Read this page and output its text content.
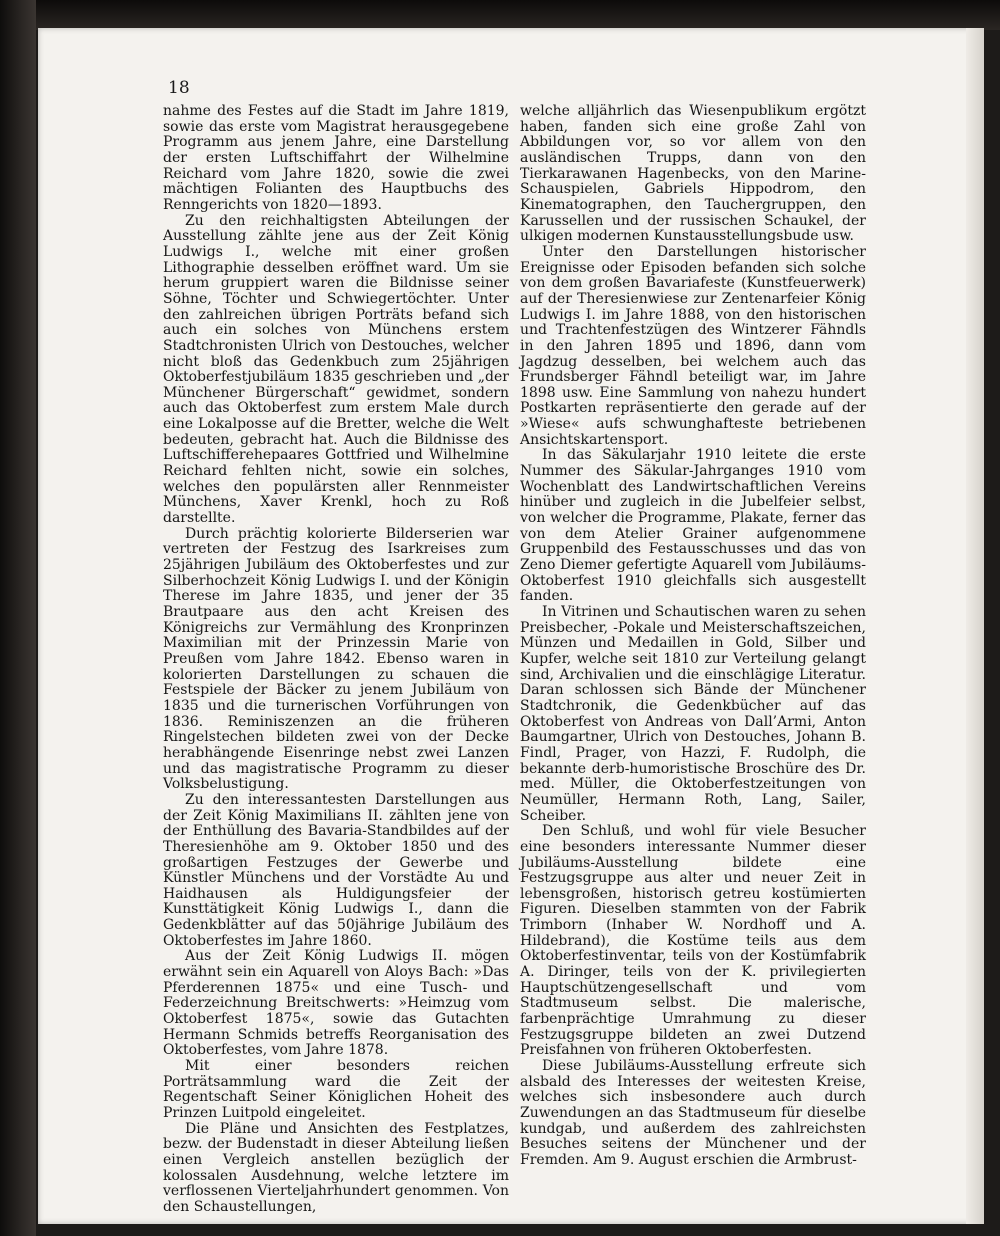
18

nahme des Festes auf die Stadt im Jahre 1819, sowie das erste vom Magistrat herausgegebene Programm aus jenem Jahre, eine Darstellung der ersten Luftschiffahrt der Wilhelmine Reichard vom Jahre 1820, sowie die zwei mächtigen Folianten des Hauptbuchs des Renngerichts von 1820—1893.

Zu den reichhaltigsten Abteilungen der Ausstellung zählte jene aus der Zeit König Ludwigs I., welche mit einer großen Lithographie desselben eröffnet ward. Um sie herum gruppiert waren die Bildnisse seiner Söhne, Töchter und Schwiegertöchter. Unter den zahlreichen übrigen Porträts befand sich auch ein solches von Münchens erstem Stadtchronisten Ulrich von Destouches, welcher nicht bloß das Gedenkbuch zum 25jährigen Oktoberfestjubiläum 1835 geschrieben und „der Münchener Bürgerschaft“ gewidmet, sondern auch das Oktoberfest zum erstem Male durch eine Lokalposse auf die Bretter, welche die Welt bedeuten, gebracht hat. Auch die Bildnisse des Luftschifferehepaares Gottfried und Wilhelmine Reichard fehlten nicht, sowie ein solches, welches den populärsten aller Rennmeister Münchens, Xaver Krenkl, hoch zu Roß darstellte.

Durch prächtig kolorierte Bilderserien war vertreten der Festzug des Isarkreises zum 25jährigen Jubiläum des Oktoberfestes und zur Silberhochzeit König Ludwigs I. und der Königin Therese im Jahre 1835, und jener der 35 Brautpaare aus den acht Kreisen des Königreichs zur Vermählung des Kronprinzen Maximilian mit der Prinzessin Marie von Preußen vom Jahre 1842. Ebenso waren in kolorierten Darstellungen zu schauen die Festspiele der Bäcker zu jenem Jubiläum von 1835 und die turnerischen Vorführungen von 1836. Reminiszenzen an die früheren Ringelstechen bildeten zwei von der Decke herabhängende Eisenringe nebst zwei Lanzen und das magistratische Programm zu dieser Volksbelustigung.

Zu den interessantesten Darstellungen aus der Zeit König Maximilians II. zählten jene von der Enthüllung des Bavaria-Standbildes auf der Theresienhöhe am 9. Oktober 1850 und des großartigen Festzuges der Gewerbe und Künstler Münchens und der Vorstädte Au und Haidhausen als Huldigungsfeier der Kunsttätigkeit König Ludwigs I., dann die Gedenkblätter auf das 50jährige Jubiläum des Oktoberfestes im Jahre 1860.

Aus der Zeit König Ludwigs II. mögen erwähnt sein ein Aquarell von Aloys Bach: »Das Pferderennen 1875« und eine Tusch- und Federzeichnung Breitschwerts: »Heimzug vom Oktoberfest 1875«, sowie das Gutachten Hermann Schmids betreffs Reorganisation des Oktoberfestes, vom Jahre 1878.

Mit einer besonders reichen Porträtsammlung ward die Zeit der Regentschaft Seiner Königlichen Hoheit des Prinzen Luitpold eingeleitet.

Die Pläne und Ansichten des Festplatzes, bezw. der Budenstadt in dieser Abteilung ließen einen Vergleich anstellen bezüglich der kolossalen Ausdehnung, welche letztere im verflossenen Vierteljahrhundert genommen. Von den Schaustellungen,

welche alljährlich das Wiesenpublikum ergötzt haben, fanden sich eine große Zahl von Abbildungen vor, so vor allem von den ausländischen Trupps, dann von den Tierkarawanen Hagenbecks, von den Marine-Schauspielen, Gabriels Hippodrom, den Kinematographen, den Tauchergruppen, den Karussellen und der russischen Schaukel, der ulkigen modernen Kunstausstellungsbude usw.

Unter den Darstellungen historischer Ereignisse oder Episoden befanden sich solche von dem großen Bavariafeste (Kunstfeuerwerk) auf der Theresienwiese zur Zentenarfeier König Ludwigs I. im Jahre 1888, von den historischen und Trachtenfestzügen des Wintzerer Fähndls in den Jahren 1895 und 1896, dann vom Jagdzug desselben, bei welchem auch das Frundsberger Fähndl beteiligt war, im Jahre 1898 usw. Eine Sammlung von nahezu hundert Postkarten repräsentierte den gerade auf der »Wiese« aufs schwunghafteste betriebenen Ansichtskartensport.

In das Säkularjahr 1910 leitete die erste Nummer des Säkular-Jahrganges 1910 vom Wochenblatt des Landwirtschaftlichen Vereins hinüber und zugleich in die Jubelfeier selbst, von welcher die Programme, Plakate, ferner das von dem Atelier Grainer aufgenommene Gruppenbild des Festausschusses und das von Zeno Diemer gefertigte Aquarell vom Jubiläums-Oktoberfest 1910 gleichfalls sich ausgestellt fanden.

In Vitrinen und Schautischen waren zu sehen Preisbecher, -Pokale und Meisterschaftszeichen, Münzen und Medaillen in Gold, Silber und Kupfer, welche seit 1810 zur Verteilung gelangt sind, Archivalien und die einschlägige Literatur. Daran schlossen sich Bände der Münchener Stadtchronik, die Gedenkbücher auf das Oktoberfest von Andreas von Dall’Armi, Anton Baumgartner, Ulrich von Destouches, Johann B. Findl, Prager, von Hazzi, F. Rudolph, die bekannte derb-humoristische Broschüre des Dr. med. Müller, die Oktoberfestzeitungen von Neumüller, Hermann Roth, Lang, Sailer, Scheiber.

Den Schluß, und wohl für viele Besucher eine besonders interessante Nummer dieser Jubiläums-Ausstellung bildete eine Festzugsgruppe aus alter und neuer Zeit in lebensgroßen, historisch getreu kostümierten Figuren. Dieselben stammten von der Fabrik Trimborn (Inhaber W. Nordhoff und A. Hildebrand), die Kostüme teils aus dem Oktoberfestinventar, teils von der Kostümfabrik A. Diringer, teils von der K. privilegierten Hauptschützengesellschaft und vom Stadtmuseum selbst. Die malerische, farbenprächtige Umrahmung zu dieser Festzugsgruppe bildeten an zwei Dutzend Preisfahnen von früheren Oktoberfesten.

Diese Jubiläums-Ausstellung erfreute sich alsbald des Interesses der weitesten Kreise, welches sich insbesondere auch durch Zuwendungen an das Stadtmuseum für dieselbe kundgab, und außerdem des zahlreichsten Besuches seitens der Münchener und der Fremden. Am 9. August erschien die Armbrust-
